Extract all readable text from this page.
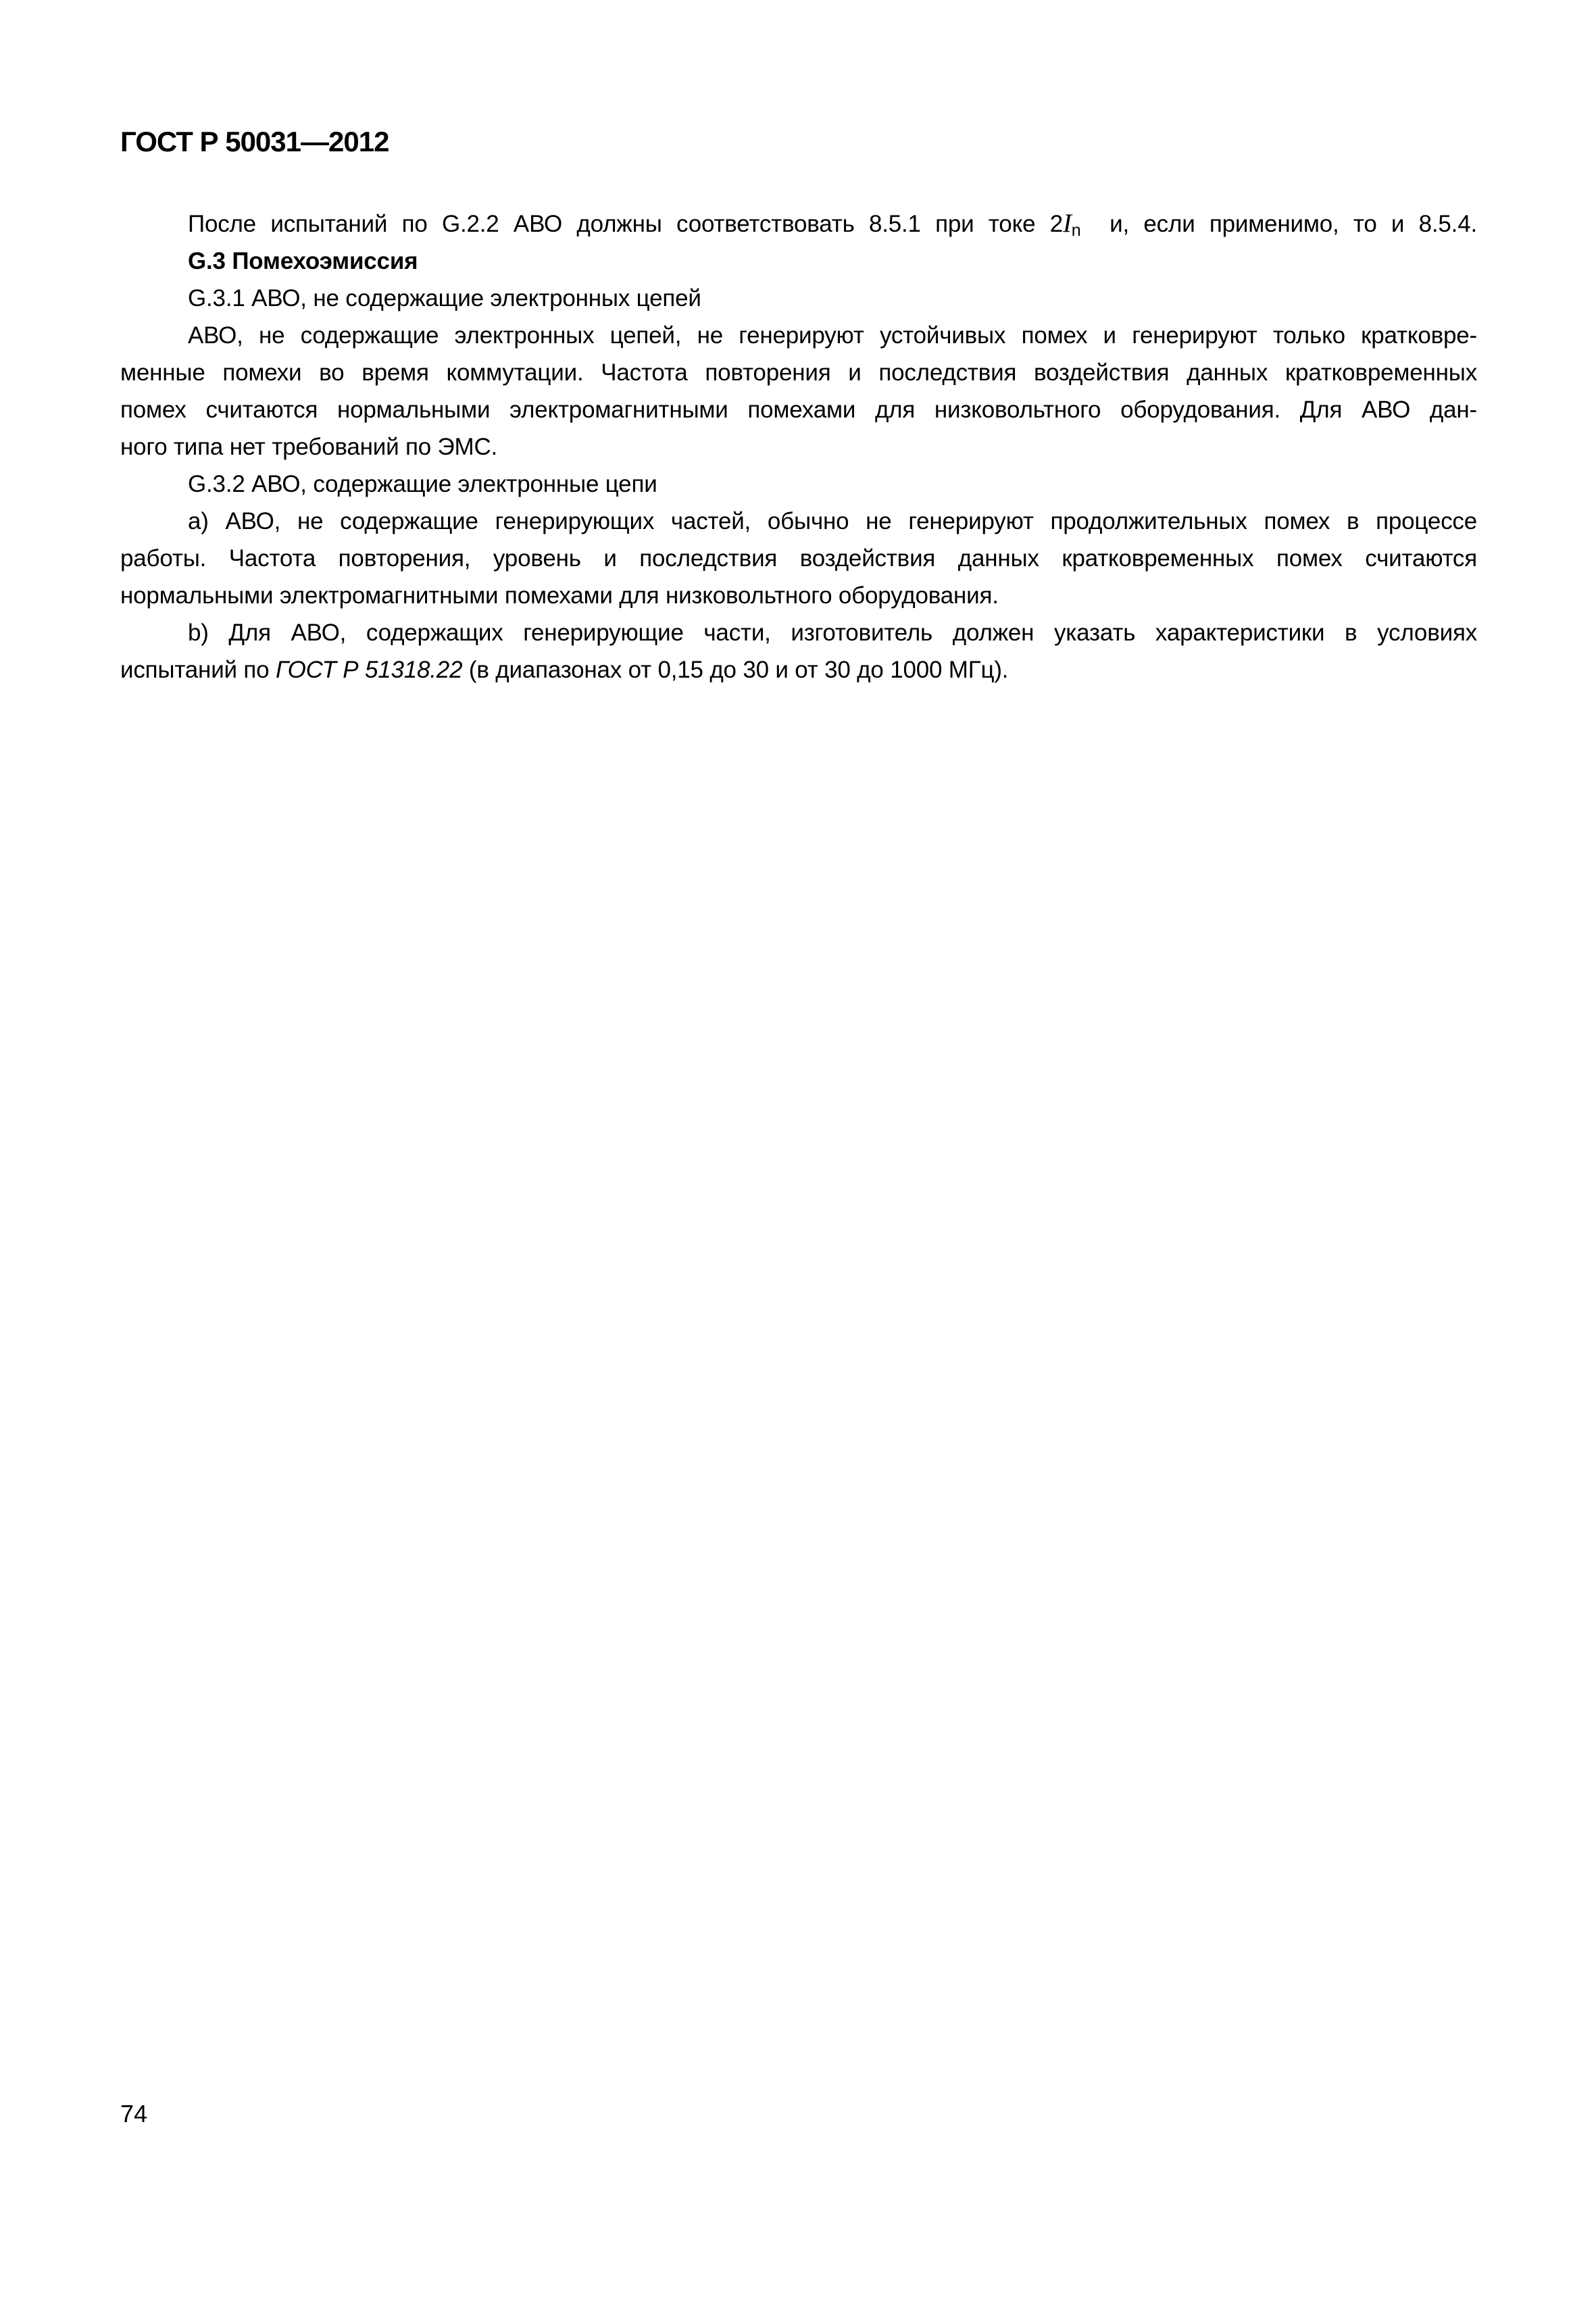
ГОСТ Р 50031—2012
После испытаний по G.2.2 АВО должны соответствовать 8.5.1 при токе $2I_n$  и, если применимо, то и 8.5.4.
G.3 Помехоэмиссия
G.3.1 АВО, не содержащие электронных цепей
АВО, не содержащие электронных цепей, не генерируют устойчивых помех и генерируют только кратковре-
менные помехи во время коммутации. Частота повторения и последствия воздействия данных кратковременных
помех считаются нормальными электромагнитными помехами для низковольтного оборудования. Для АВО дан-
ного типа нет требований по ЭМС.
G.3.2 АВО, содержащие электронные цепи
a) АВО, не содержащие генерирующих частей, обычно не генерируют продолжительных помех в процессе
работы. Частота повторения, уровень и последствия воздействия данных кратковременных помех считаются
нормальными электромагнитными помехами для низковольтного оборудования.
b) Для АВО, содержащих генерирующие части, изготовитель должен указать характеристики в условиях
испытаний по ГОСТ Р 51318.22 (в диапазонах от 0,15 до 30 и от 30 до 1000 МГц).
74
